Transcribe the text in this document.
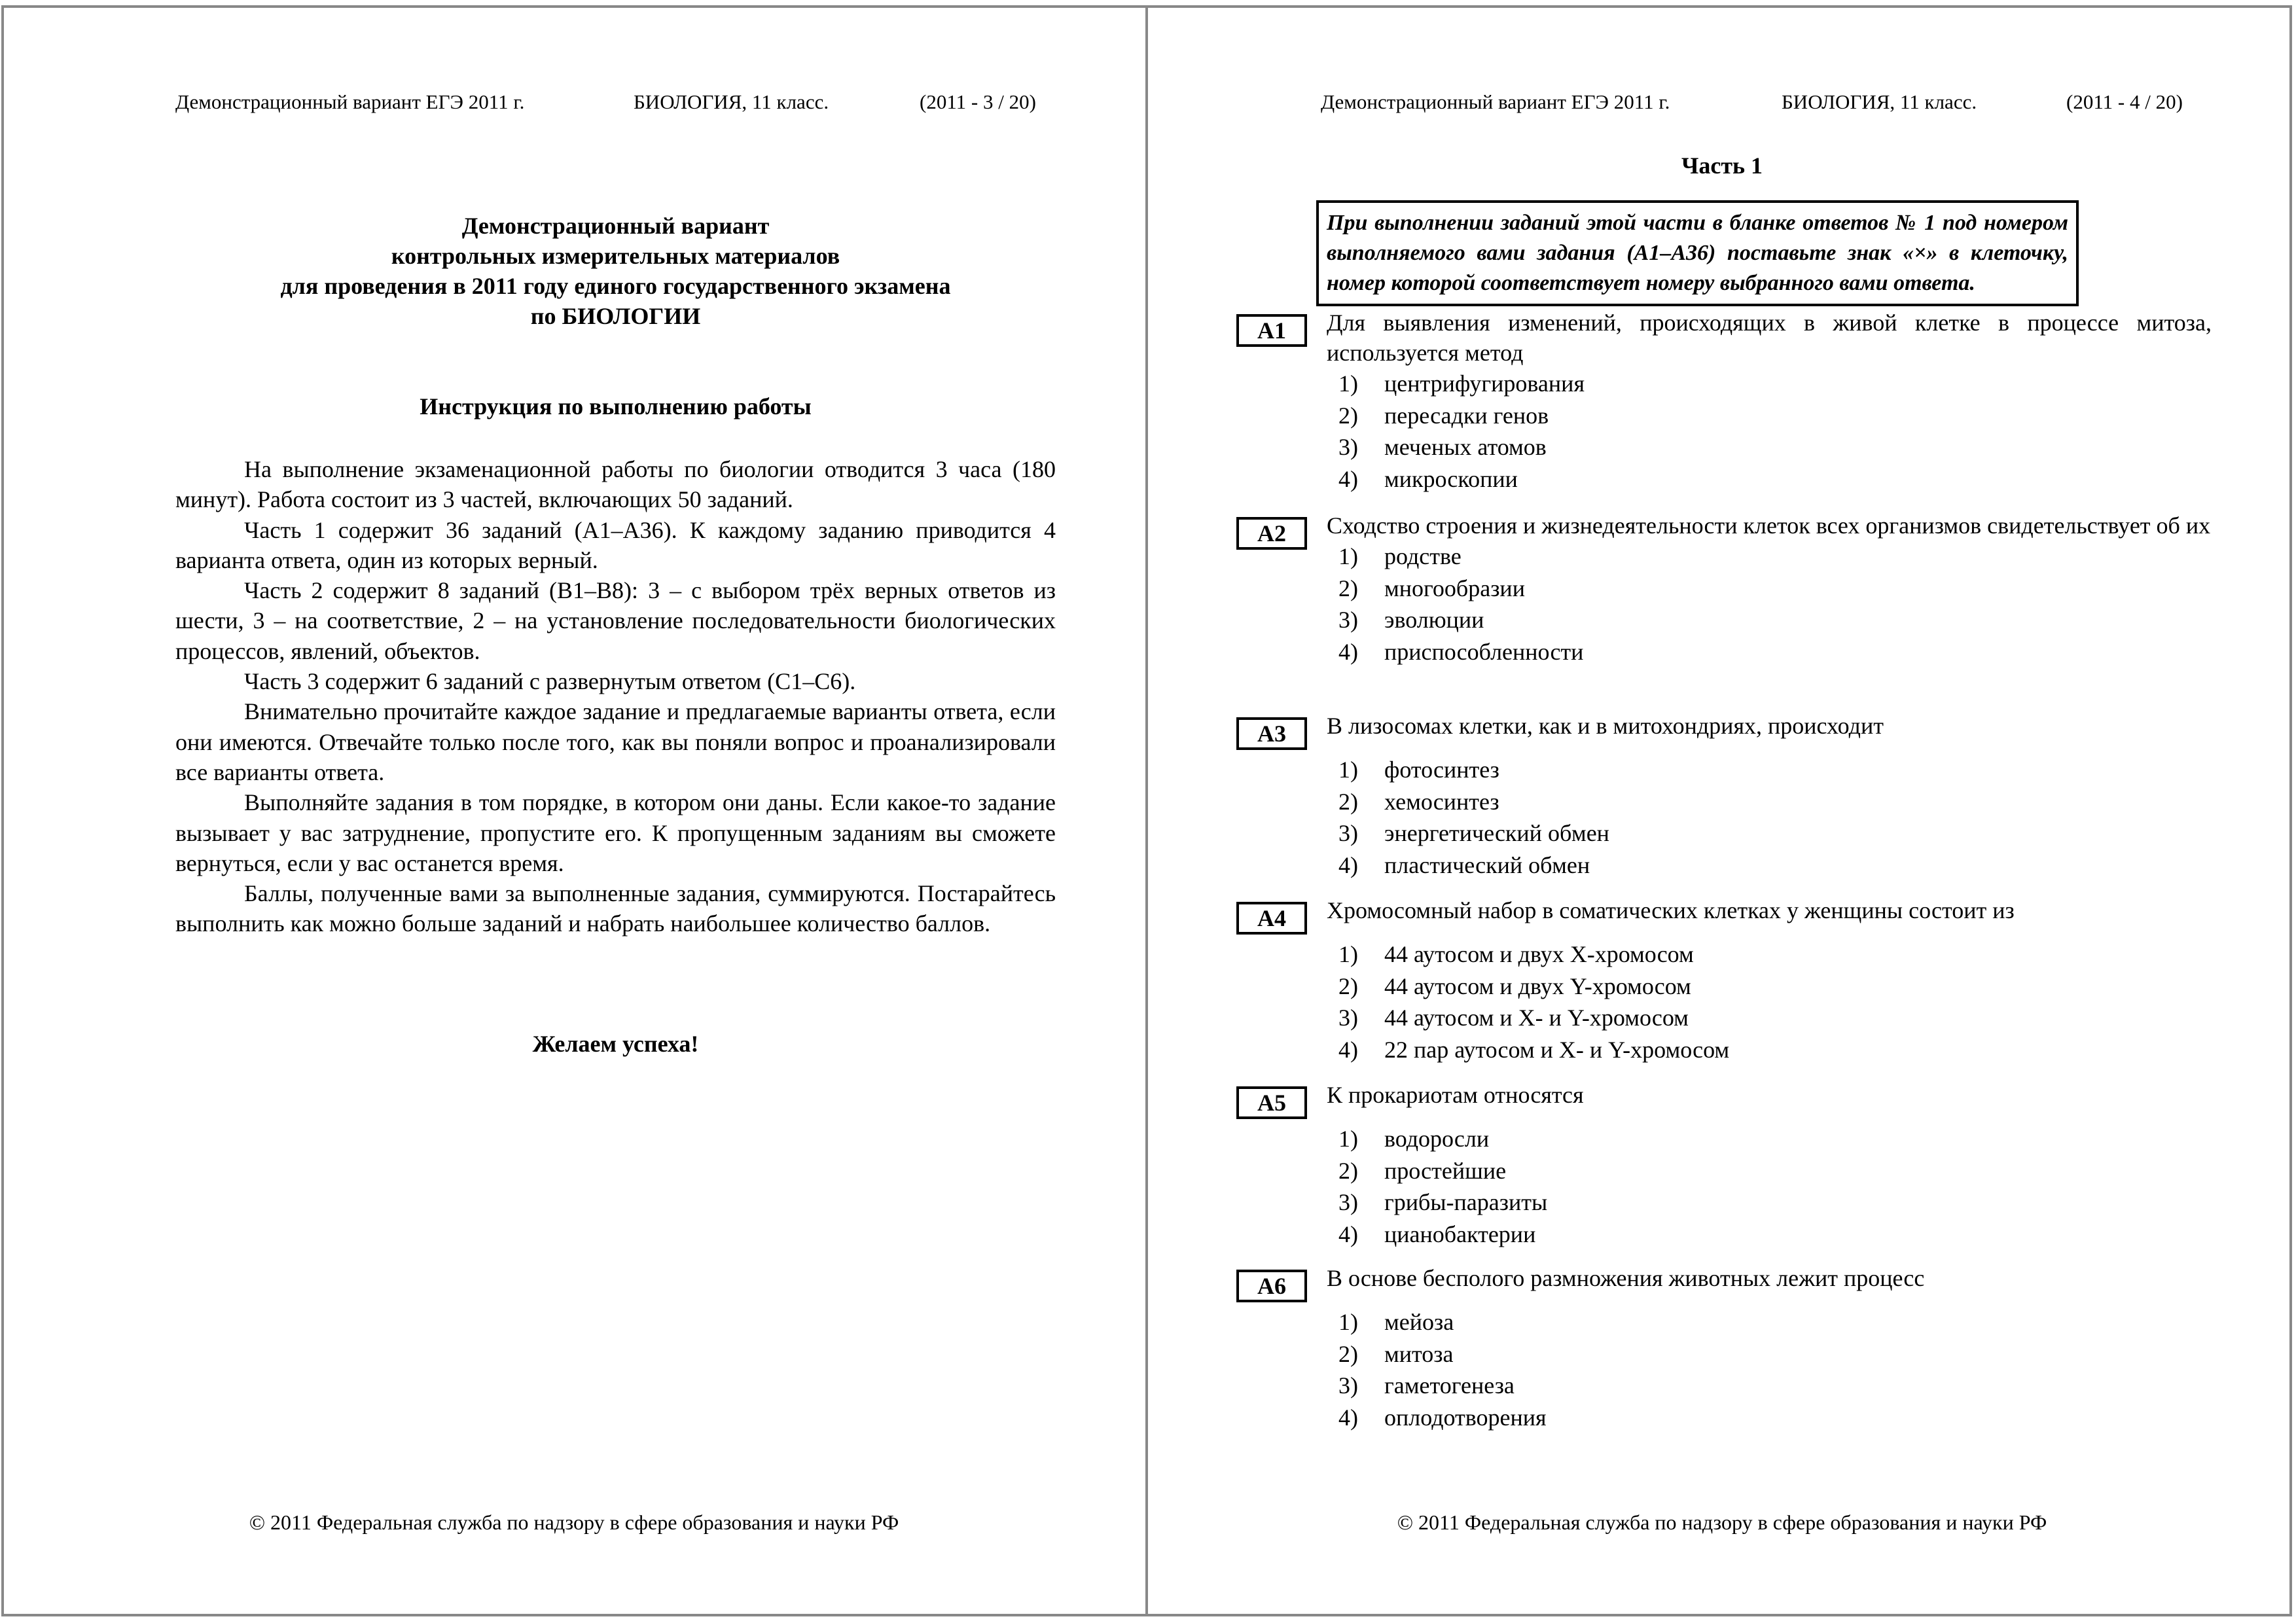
Демонстрационный вариант ЕГЭ 2011 г.	БИОЛОГИЯ, 11 класс.	(2011 - 3 / 20)
Демонстрационный вариант
контрольных измерительных материалов
для проведения в 2011 году единого государственного экзамена
по БИОЛОГИИ
Инструкция по выполнению работы

На выполнение экзаменационной работы по биологии отводится 3 часа (180 минут). Работа состоит из 3 частей, включающих 50 заданий.

Часть 1 содержит 36 заданий (А1–А36). К каждому заданию приводится 4 варианта ответа, один из которых верный.

Часть 2 содержит 8 заданий (В1–В8): 3 – с выбором трёх верных ответов из шести, 3 – на соответствие, 2 – на установление последовательности биологических процессов, явлений, объектов.

Часть 3 содержит 6 заданий с развернутым ответом (С1–С6).

Внимательно прочитайте каждое задание и предлагаемые варианты ответа, если они имеются. Отвечайте только после того, как вы поняли вопрос и проанализировали все варианты ответа.

Выполняйте задания в том порядке, в котором они даны. Если какое-то задание вызывает у вас затруднение, пропустите его. К пропущенным заданиям вы сможете вернуться, если у вас останется время.

Баллы, полученные вами за выполненные задания, суммируются. Постарайтесь выполнить как можно больше заданий и набрать наибольшее количество баллов.

Желаем успеха!
© 2011 Федеральная служба по надзору в сфере образования и науки РФ
Демонстрационный вариант ЕГЭ 2011 г.	БИОЛОГИЯ, 11 класс.	(2011 - 4 / 20)
Часть 1
При выполнении заданий этой части в бланке ответов № 1 под номером выполняемого вами задания (А1–А36) поставьте знак «×» в клеточку, номер которой соответствует номеру выбранного вами ответа.
А1	Для выявления изменений, происходящих в живой клетке в процессе митоза, используется метод
1) центрифугирования
2) пересадки генов
3) меченых атомов
4) микроскопии
А2	Сходство строения и жизнедеятельности клеток всех организмов свидетельствует об их
1) родстве
2) многообразии
3) эволюции
4) приспособленности
А3	В лизосомах клетки, как и в митохондриях, происходит
1) фотосинтез
2) хемосинтез
3) энергетический обмен
4) пластический обмен
А4	Хромосомный набор в соматических клетках у женщины состоит из
1) 44 аутосом и двух X-хромосом
2) 44 аутосом и двух Y-хромосом
3) 44 аутосом и X- и Y-хромосом
4) 22 пар аутосом и X- и Y-хромосом
А5	К прокариотам относятся
1) водоросли
2) простейшие
3) грибы-паразиты
4) цианобактерии
А6	В основе бесполого размножения животных лежит процесс
1) мейоза
2) митоза
3) гаметогенеза
4) оплодотворения
© 2011 Федеральная служба по надзору в сфере образования и науки РФ
